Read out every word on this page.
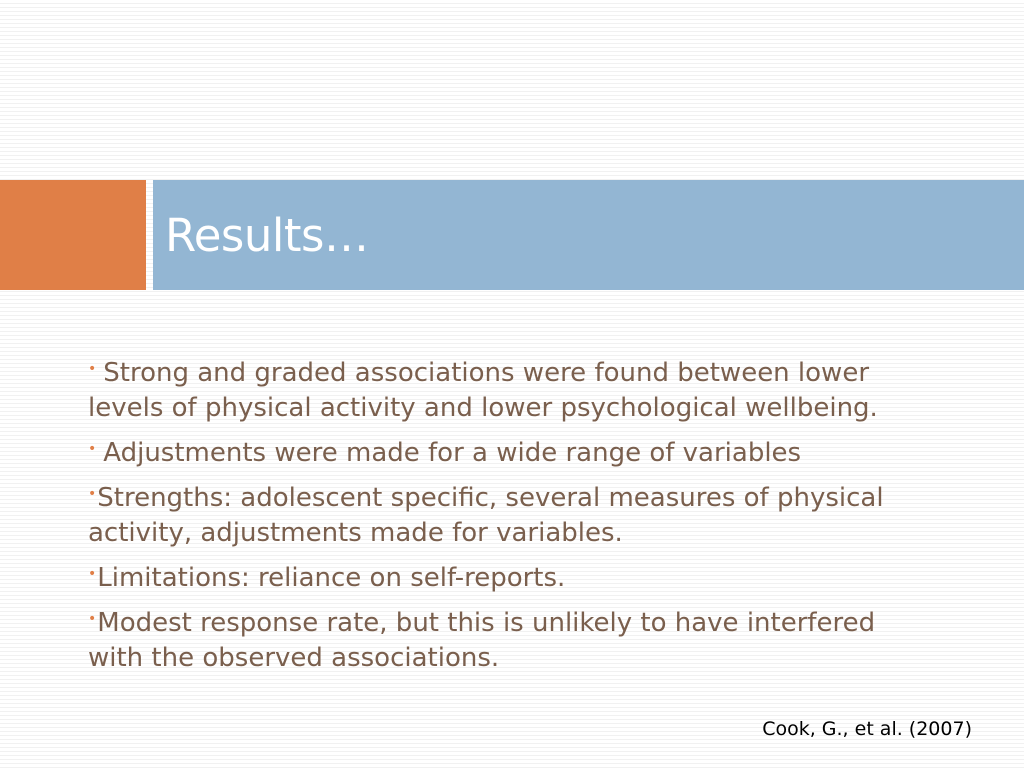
Results…
• Strong and graded associations were found between lower levels of physical activity and lower psychological wellbeing.
• Adjustments were made for a wide range of variables
•Strengths: adolescent specific, several measures of physical activity, adjustments made for variables.
•Limitations: reliance on self-reports.
•Modest response rate, but this is unlikely to have interfered with the observed associations.

Cook, G., et al. (2007)
